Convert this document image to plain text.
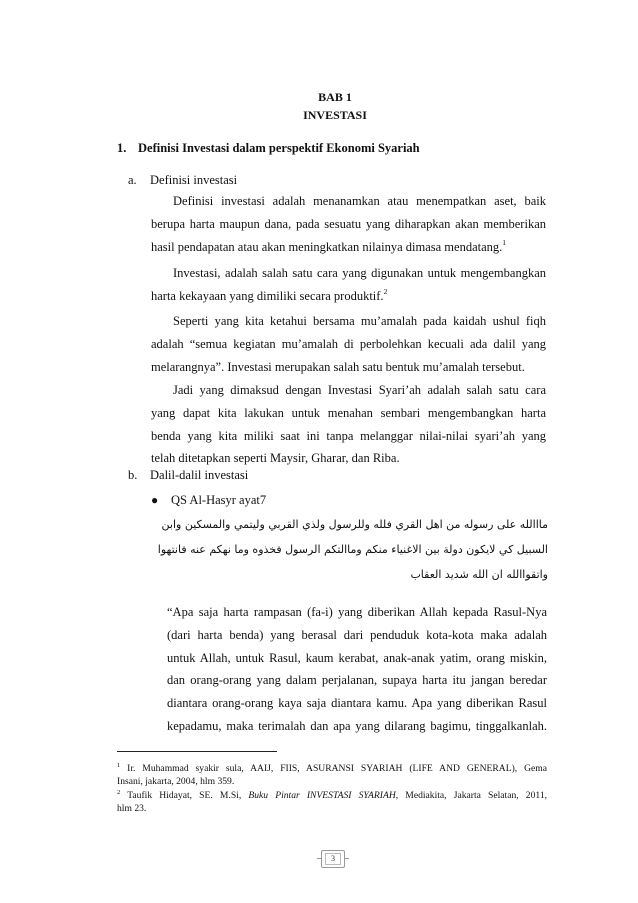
BAB 1
INVESTASI
1. Definisi Investasi dalam perspektif Ekonomi Syariah
a. Definisi investasi
Definisi investasi adalah menanamkan atau menempatkan aset, baik
berupa harta maupun dana, pada sesuatu yang diharapkan akan memberikan
hasil pendapatan atau akan meningkatkan nilainya dimasa mendatang.$^1$
Investasi, adalah salah satu cara yang digunakan untuk mengembangkan
harta kekayaan yang dimiliki secara produktif.$^2$
Seperti yang kita ketahui bersama mu’amalah pada kaidah ushul fiqh
adalah “semua kegiatan mu’amalah di perbolehkan kecuali ada dalil yang
melarangnya”. Investasi merupakan salah satu bentuk mu’amalah tersebut.
Jadi yang dimaksud dengan Investasi Syari’ah adalah salah satu cara
yang dapat kita lakukan untuk menahan sembari mengembangkan harta
benda yang kita miliki saat ini tanpa melanggar nilai-nilai syari’ah yang
telah ditetapkan seperti Maysir, Gharar, dan Riba.
b. Dalil-dalil investasi
● QS Al-Hasyr ayat7
مااالله على رسوله من اهل القري فلله وللرسول ولذي القربي وليتمي والمسكين وابن
السبيل كي لايكون دولة بين الاغنياء منكم وماالتكم الرسول فخذوه وما نهكم عنه فانتهوا
واتقواالله ان الله شديد العقاب
“Apa saja harta rampasan (fa-i) yang diberikan Allah kepada Rasul-Nya
(dari harta benda) yang berasal dari penduduk kota-kota maka adalah
untuk Allah, untuk Rasul, kaum kerabat, anak-anak yatim, orang miskin,
dan orang-orang yang dalam perjalanan, supaya harta itu jangan beredar
diantara orang-orang kaya saja diantara kamu. Apa yang diberikan Rasul
kepadamu, maka terimalah dan apa yang dilarang bagimu, tinggalkanlah.
$^1$ Ir. Muhammad syakir sula, AAIJ, FIIS, ASURANSI SYARIAH (LIFE AND GENERAL), Gema
Insani, jakarta, 2004, hlm 359.
$^2$ Taufik Hidayat, SE. M.Si, Buku Pintar INVESTASI SYARIAH, Mediakita, Jakarta Selatan, 2011,
hlm 23.
3
